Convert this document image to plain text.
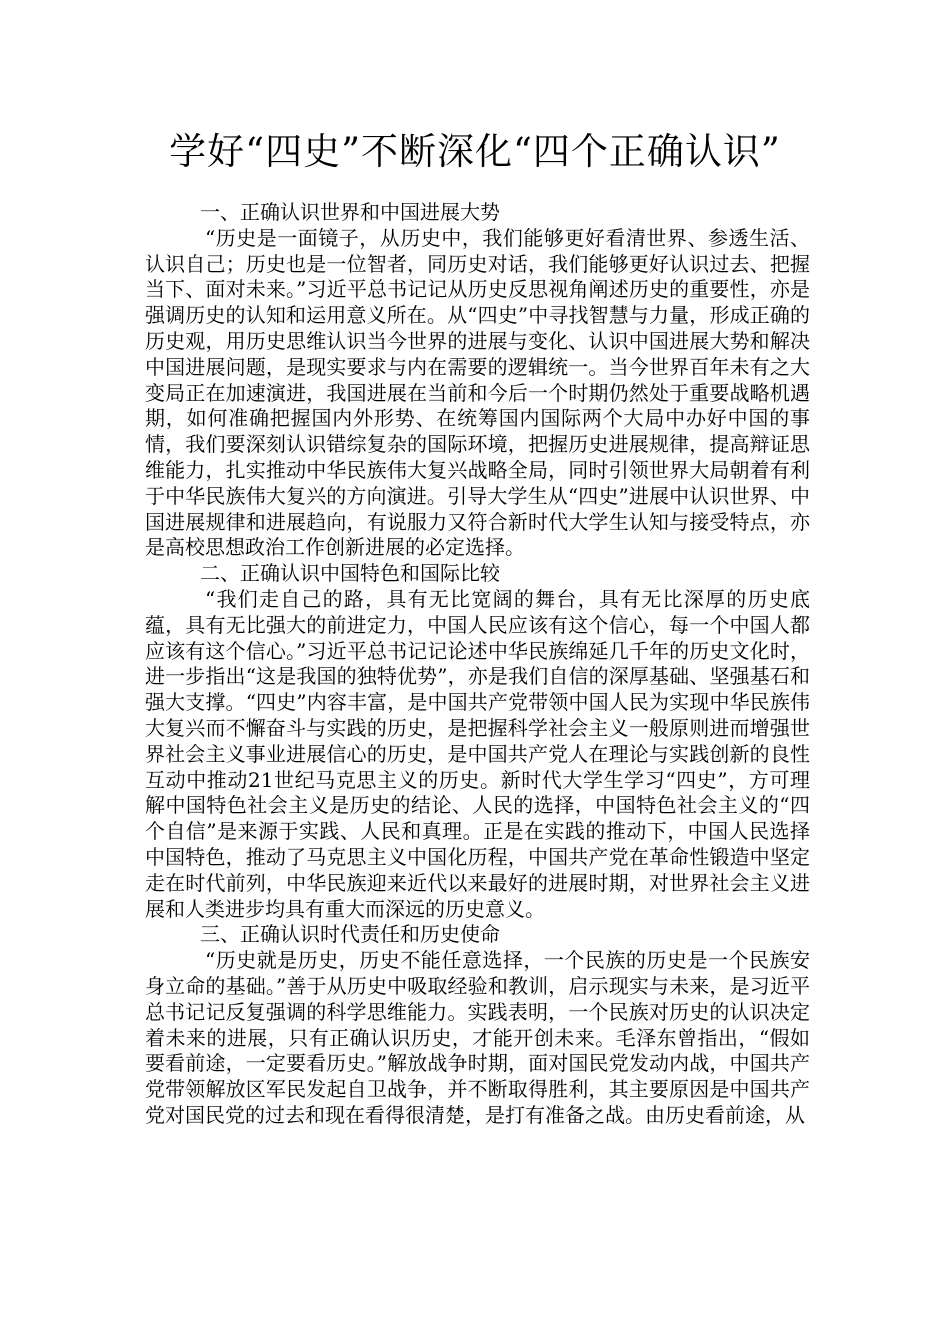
学好“四史”不断深化“四个正确认识”
一、正确认识世界和中国进展大势

“历史是一面镜子，从历史中，我们能够更好看清世界、参透生活、认识自己；历史也是一位智者，同历史对话，我们能够更好认识过去、把握当下、面对未来。”习近平总书记记从历史反思视角阐述历史的重要性，亦是强调历史的认知和运用意义所在。从“四史”中寻找智慧与力量，形成正确的历史观，用历史思维认识当今世界的进展与变化、认识中国进展大势和解决中国进展问题，是现实要求与内在需要的逻辑统一。当今世界百年未有之大变局正在加速演进，我国进展在当前和今后一个时期仍然处于重要战略机遇期，如何准确把握国内外形势、在统筹国内国际两个大局中办好中国的事情，我们要深刻认识错综复杂的国际环境，把握历史进展规律，提高辩证思维能力，扎实推动中华民族伟大复兴战略全局，同时引领世界大局朝着有利于中华民族伟大复兴的方向演进。引导大学生从“四史”进展中认识世界、中国进展规律和进展趋向，有说服力又符合新时代大学生认知与接受特点，亦是高校思想政治工作创新进展的必定选择。

二、正确认识中国特色和国际比较

“我们走自己的路，具有无比宽阔的舞台，具有无比深厚的历史底蕴，具有无比强大的前进定力，中国人民应该有这个信心，每一个中国人都应该有这个信心。”习近平总书记记论述中华民族绵延几千年的历史文化时，进一步指出“这是我国的独特优势”，亦是我们自信的深厚基础、坚强基石和强大支撑。“四史”内容丰富，是中国共产党带领中国人民为实现中华民族伟大复兴而不懈奋斗与实践的历史，是把握科学社会主义一般原则进而增强世界社会主义事业进展信心的历史，是中国共产党人在理论与实践创新的良性互动中推动21世纪马克思主义的历史。新时代大学生学习“四史”，方可理解中国特色社会主义是历史的结论、人民的选择，中国特色社会主义的“四个自信”是来源于实践、人民和真理。正是在实践的推动下，中国人民选择中国特色，推动了马克思主义中国化历程，中国共产党在革命性锻造中坚定走在时代前列，中华民族迎来近代以来最好的进展时期，对世界社会主义进展和人类进步均具有重大而深远的历史意义。

三、正确认识时代责任和历史使命

“历史就是历史，历史不能任意选择，一个民族的历史是一个民族安身立命的基础。”善于从历史中吸取经验和教训，启示现实与未来，是习近平总书记记反复强调的科学思维能力。实践表明，一个民族对历史的认识决定着未来的进展，只有正确认识历史，才能开创未来。毛泽东曾指出，“假如要看前途，一定要看历史。”解放战争时期，面对国民党发动内战，中国共产党带领解放区军民发起自卫战争，并不断取得胜利，其主要原因是中国共产党对国民党的过去和现在看得很清楚，是打有准备之战。由历史看前途，从
